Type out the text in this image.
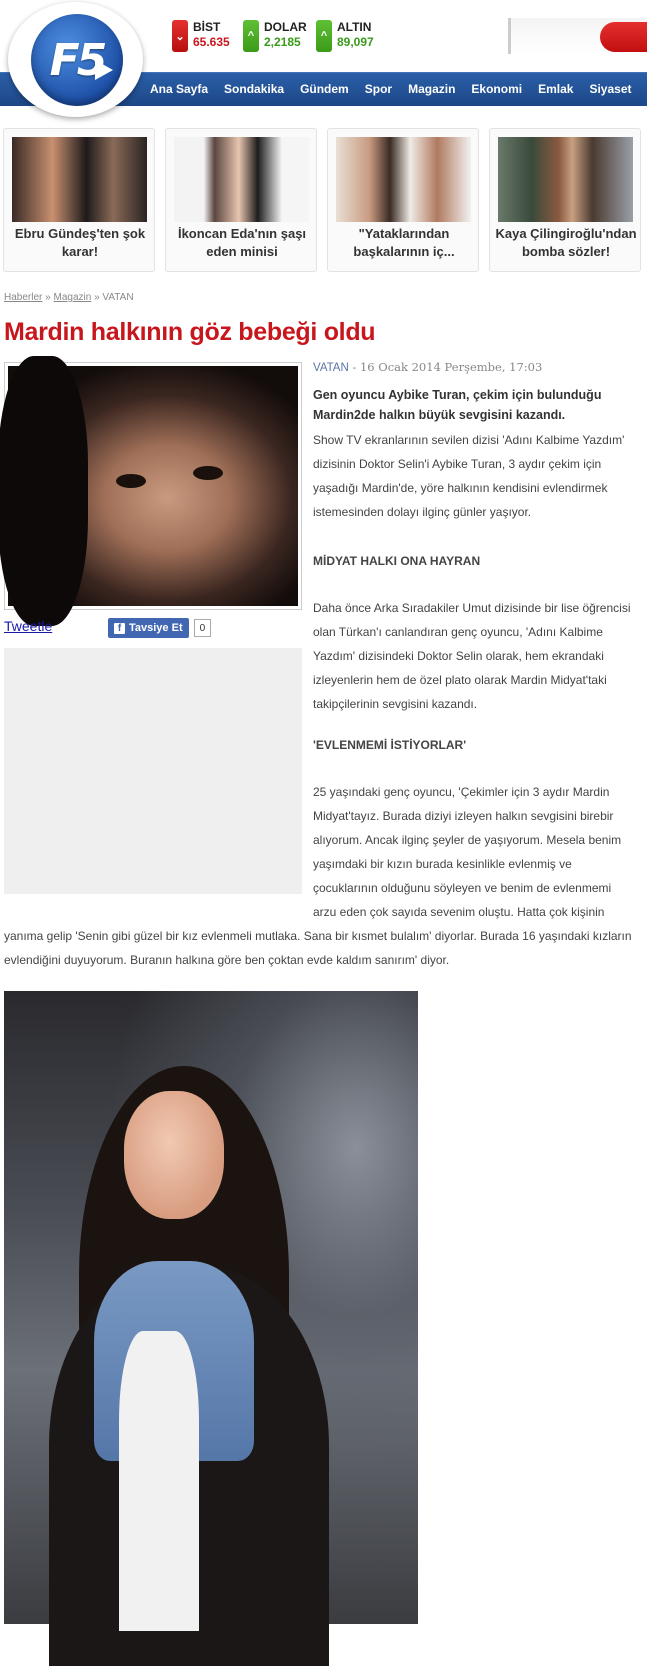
F5	⌄
BİST
65.635	^
DOLAR
2,2185	^
ALTIN
89,097
Ana Sayfa Sondakika Gündem Spor Magazin Ekonomi Emlak Siyaset D
Ebru Gündeş'ten şok karar!
İkoncan Eda'nın şaşı eden minisi
"Yataklarından başkalarının iç...
Kaya Çilingiroğlu'ndan bomba sözler!
Haberler » Magazin » VATAN
Mardin halkının göz bebeği oldu
Tweetle	f Tavsiye Et	0
VATAN - 16 Ocak 2014 Perşembe, 17:03
Gen oyuncu Aybike Turan, çekim için bulunduğu Mardin2de halkın büyük sevgisini kazandı.
Show TV ekranlarının sevilen dizisi 'Adını Kalbime Yazdım' dizisinin Doktor Selin'i Aybike Turan, 3 aydır çekim için yaşadığı Mardin'de, yöre halkının kendisini evlendirmek istemesinden dolayı ilginç günler yaşıyor.
MİDYAT HALKI ONA HAYRAN
Daha önce Arka Sıradakiler Umut dizisinde bir lise öğrencisi olan Türkan'ı canlandıran genç oyuncu, 'Adını Kalbime Yazdım' dizisindeki Doktor Selin olarak, hem ekrandaki izleyenlerin hem de özel plato olarak Mardin Midyat'taki takipçilerinin sevgisini kazandı.
'EVLENMEMİ İSTİYORLAR'
25 yaşındaki genç oyuncu, 'Çekimler için 3 aydır Mardin Midyat'tayız. Burada diziyi izleyen halkın sevgisini birebir alıyorum. Ancak ilginç şeyler de yaşıyorum. Mesela benim yaşımdaki bir kızın burada kesinlikle evlenmiş ve çocuklarının olduğunu söyleyen ve benim de evlenmemi arzu eden çok sayıda sevenim oluştu. Hatta çok kişinin
yanıma gelip 'Senin gibi güzel bir kız evlenmeli mutlaka. Sana bir kısmet bulalım' diyorlar. Burada 16 yaşındaki kızların evlendiğini duyuyorum. Buranın halkına göre ben çoktan evde kaldım sanırım' diyor.
